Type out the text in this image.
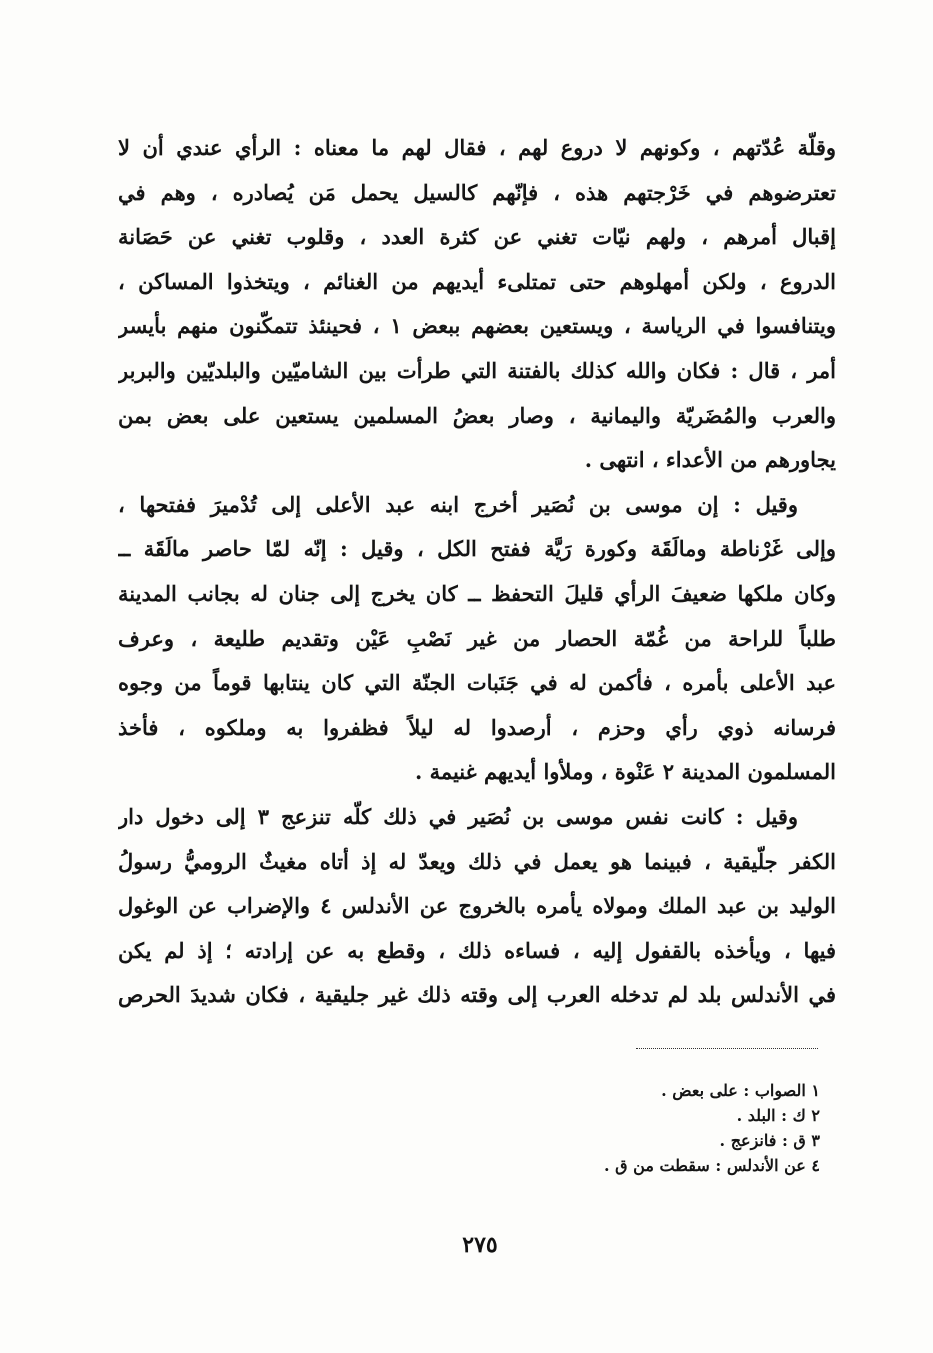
وقلّة عُدّتهم ، وكونهم لا دروع لهم ، فقال لهم ما معناه : الرأي عندي أن لا
تعترضوهم في خَرْجتهم هذه ، فإنّهم كالسيل يحمل مَن يُصادره ، وهم في
إقبال أمرهم ، ولهم نيّات تغني عن كثرة العدد ، وقلوب تغني عن حَصَانة
الدروع ، ولكن أمهلوهم حتى تمتلىء أيديهم من الغنائم ، ويتخذوا المساكن ،
ويتنافسوا في الرياسة ، ويستعين بعضهم ببعض ١ ، فحينئذ تتمكّنون منهم بأيسر
أمر ، قال : فكان والله كذلك بالفتنة التي طرأت بين الشاميّين والبلديّين والبربر
والعرب والمُضَريّة واليمانية ، وصار بعضُ المسلمين يستعين على بعض بمن
يجاورهم من الأعداء ، انتهى .
وقيل : إن موسى بن نُصَير أخرج ابنه عبد الأعلى إلى تُدْميرَ ففتحها ،
وإلى غَرْناطة ومالَقَة وكورة رَيَّة ففتح الكل ، وقيل : إنّه لمّا حاصر مالَقَة ــ
وكان ملكها ضعيفَ الرأي قليلَ التحفظ ــ كان يخرج إلى جنان له بجانب المدينة
طلباً للراحة من غُمّة الحصار من غير نَصْبِ عَيْن وتقديم طليعة ، وعرف
عبد الأعلى بأمره ، فأكمن له في جَنَبات الجنّة التي كان ينتابها قوماً من وجوه
فرسانه ذوي رأي وحزم ، أرصدوا له ليلاً فظفروا به وملكوه ، فأخذ
المسلمون المدينة ٢ عَنْوة ، وملأوا أيديهم غنيمة .
وقيل : كانت نفس موسى بن نُصَير في ذلك كلّه تنزعج ٣ إلى دخول دار
الكفر جلّيقية ، فبينما هو يعمل في ذلك ويعدّ له إذ أتاه مغيثٌ الروميُّ رسولُ
الوليد بن عبد الملك ومولاه يأمره بالخروج عن الأندلس ٤ والإضراب عن الوغول
فيها ، ويأخذه بالقفول إليه ، فساءه ذلك ، وقطع به عن إرادته ؛ إذ لم يكن
في الأندلس بلد لم تدخله العرب إلى وقته ذلك غير جليقية ، فكان شديدَ الحرص
١ الصواب : على بعض .
٢ ك : البلد .
٣ ق : فانزعج .
٤ عن الأندلس : سقطت من ق .
٢٧٥
